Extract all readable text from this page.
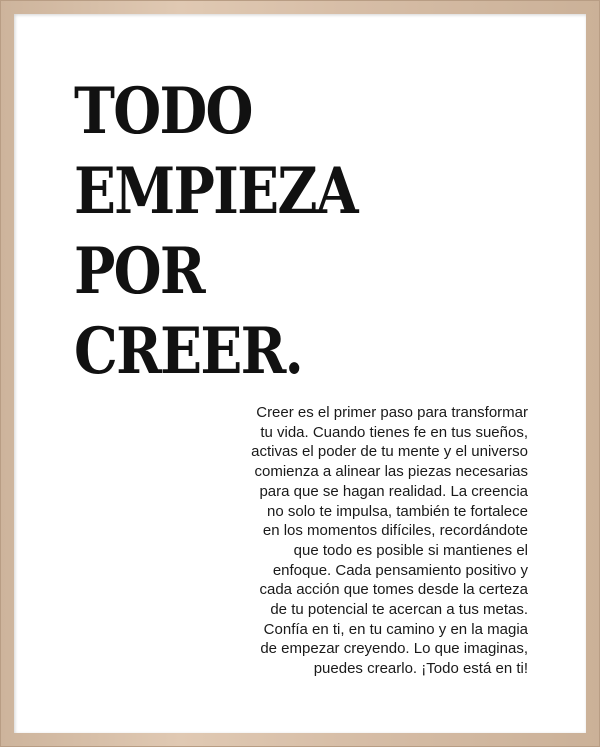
TODO
EMPIEZA
POR
CREER.

Creer es el primer paso para transformar
tu vida. Cuando tienes fe en tus sueños,
activas el poder de tu mente y el universo
comienza a alinear las piezas necesarias
para que se hagan realidad. La creencia
no solo te impulsa, también te fortalece
en los momentos difíciles, recordándote
que todo es posible si mantienes el
enfoque. Cada pensamiento positivo y
cada acción que tomes desde la certeza
de tu potencial te acercan a tus metas.
Confía en ti, en tu camino y en la magia
de empezar creyendo. Lo que imaginas,
puedes crearlo. ¡Todo está en ti!
